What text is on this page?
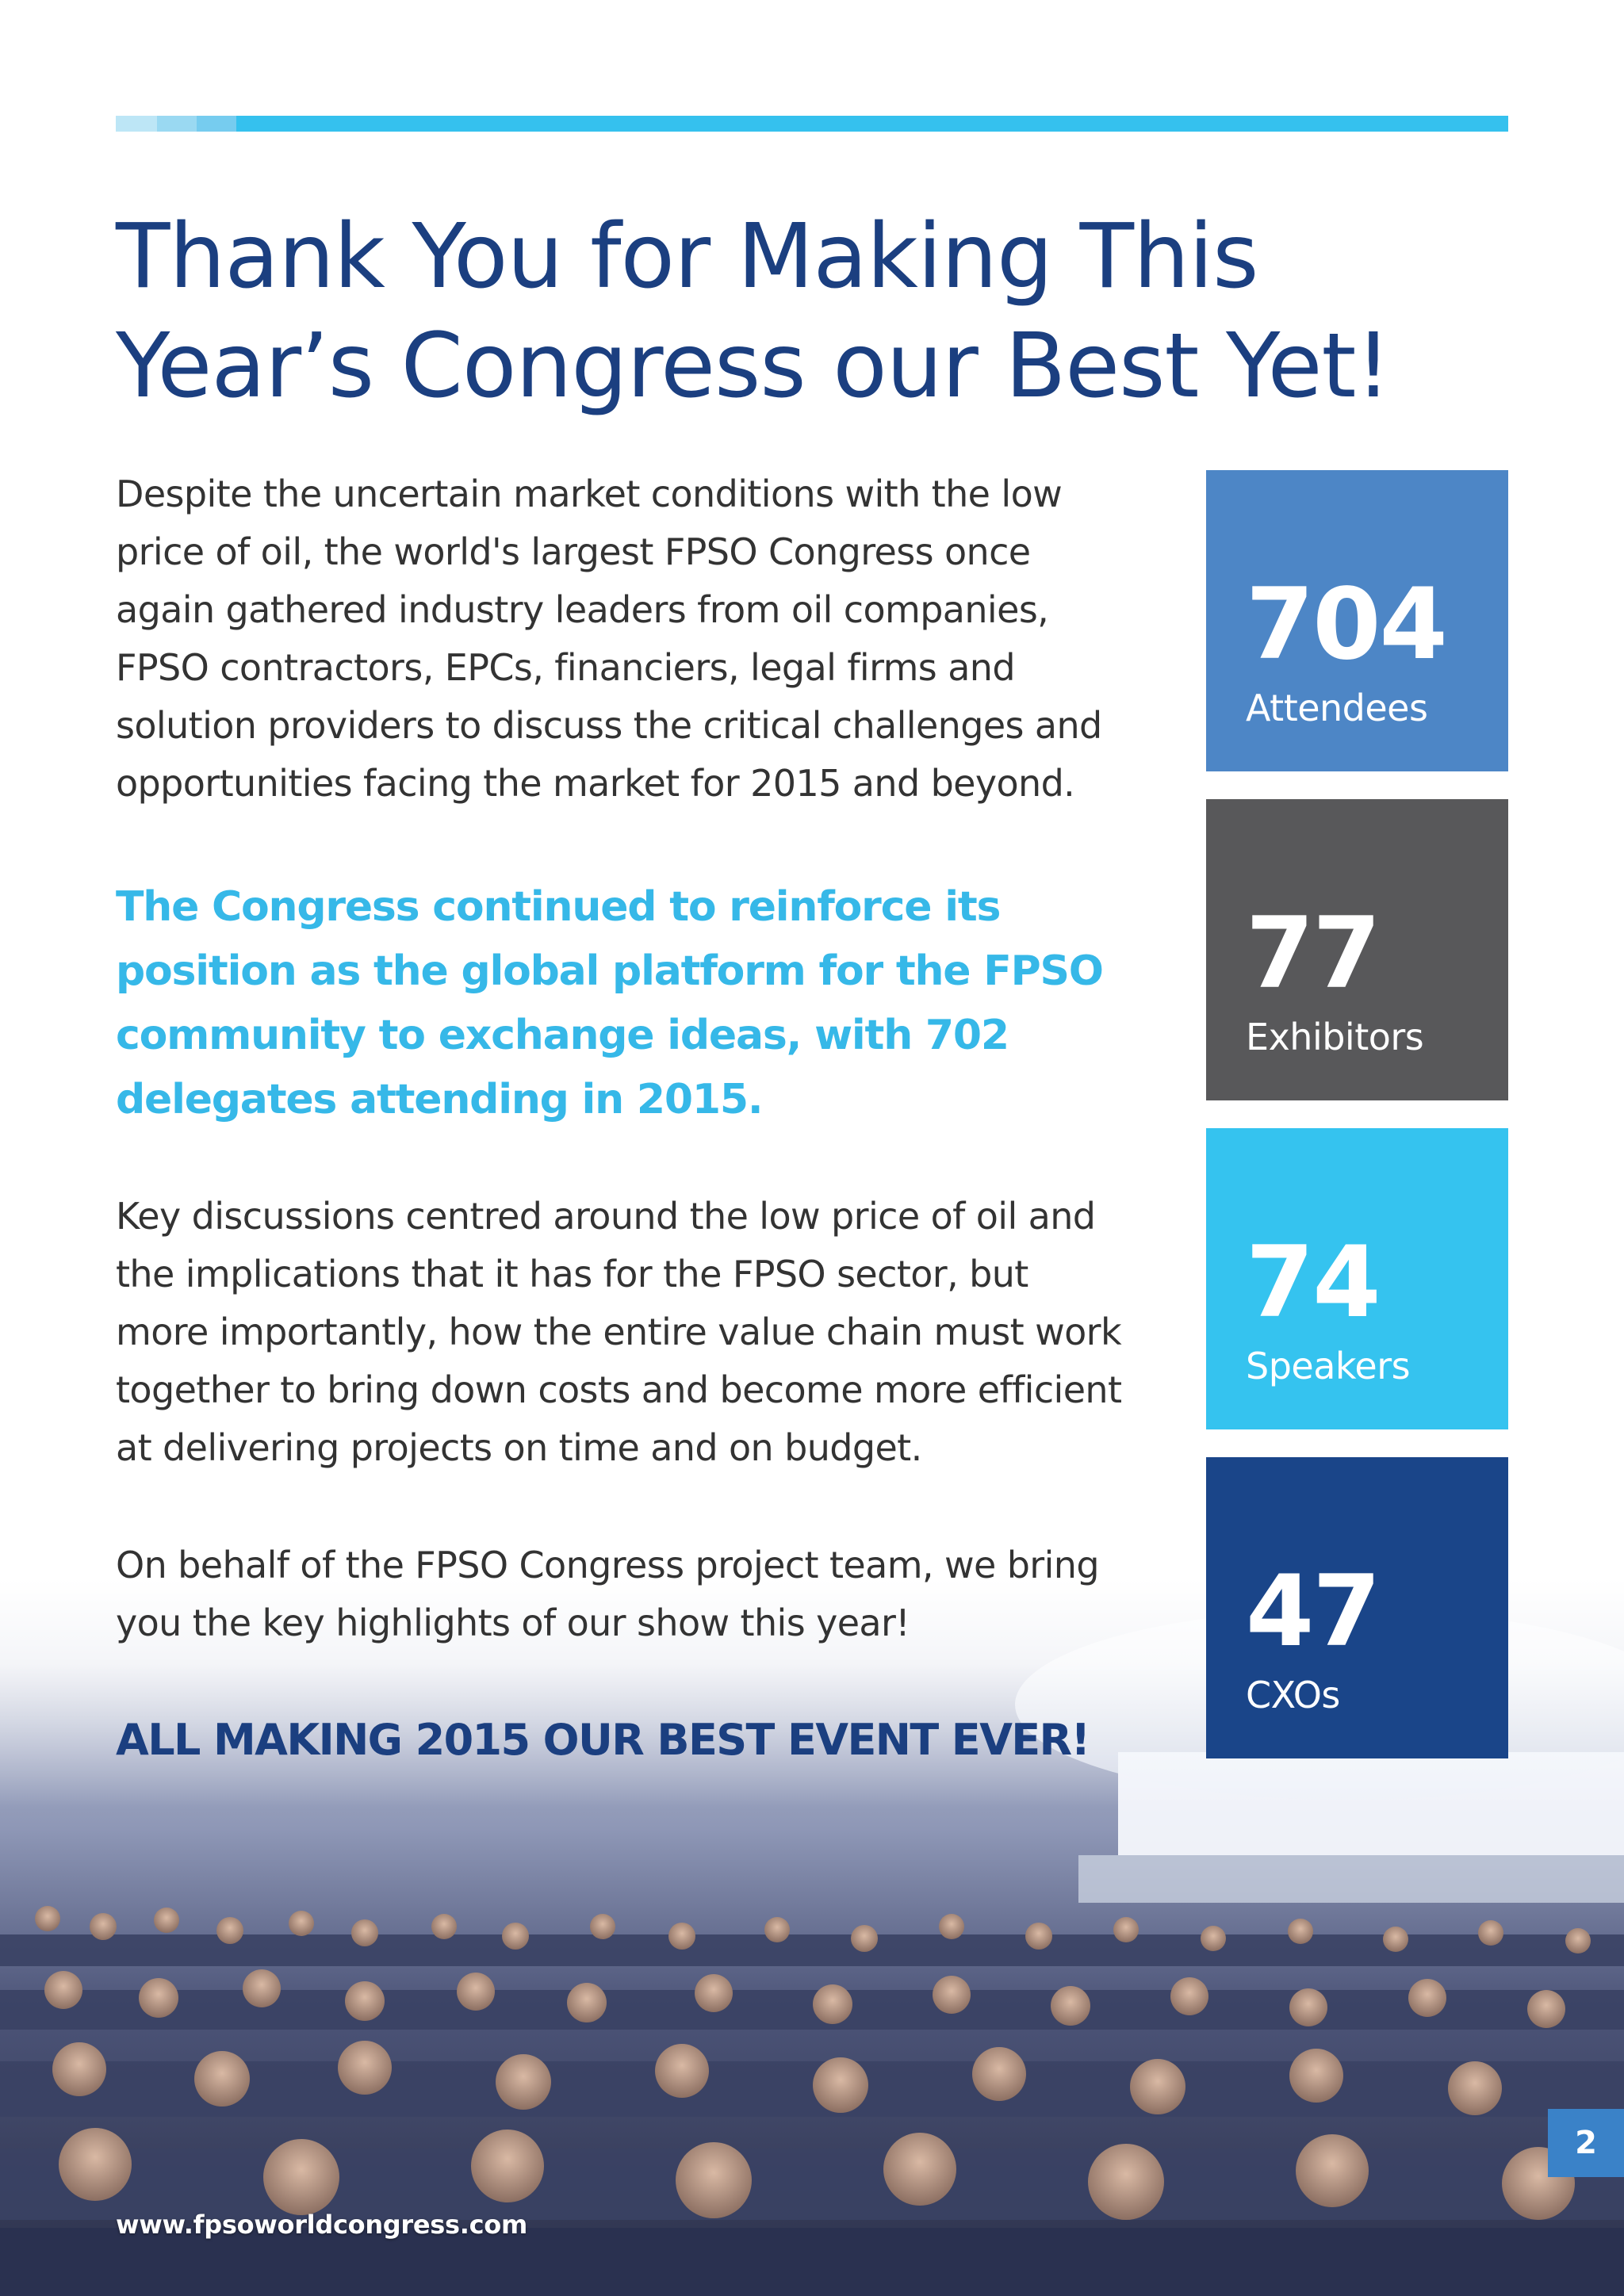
Thank You for Making This
Year’s Congress our Best Yet!

Despite the uncertain market conditions with the low
price of oil, the world's largest FPSO Congress once
again gathered industry leaders from oil companies,
FPSO contractors, EPCs, financiers, legal firms and
solution providers to discuss the critical challenges and
opportunities facing the market for 2015 and beyond.

The Congress continued to reinforce its
position as the global platform for the FPSO
community to exchange ideas, with 702
delegates attending in 2015.

Key discussions centred around the low price of oil and
the implications that it has for the FPSO sector, but
more importantly, how the entire value chain must work
together to bring down costs and become more efficient
at delivering projects on time and on budget.

On behalf of the FPSO Congress project team, we bring
you the key highlights of our show this year!

ALL MAKING 2015 OUR BEST EVENT EVER!

704
Attendees
77
Exhibitors
74
Speakers
47
CXOs
2
www.fpsoworldcongress.com
